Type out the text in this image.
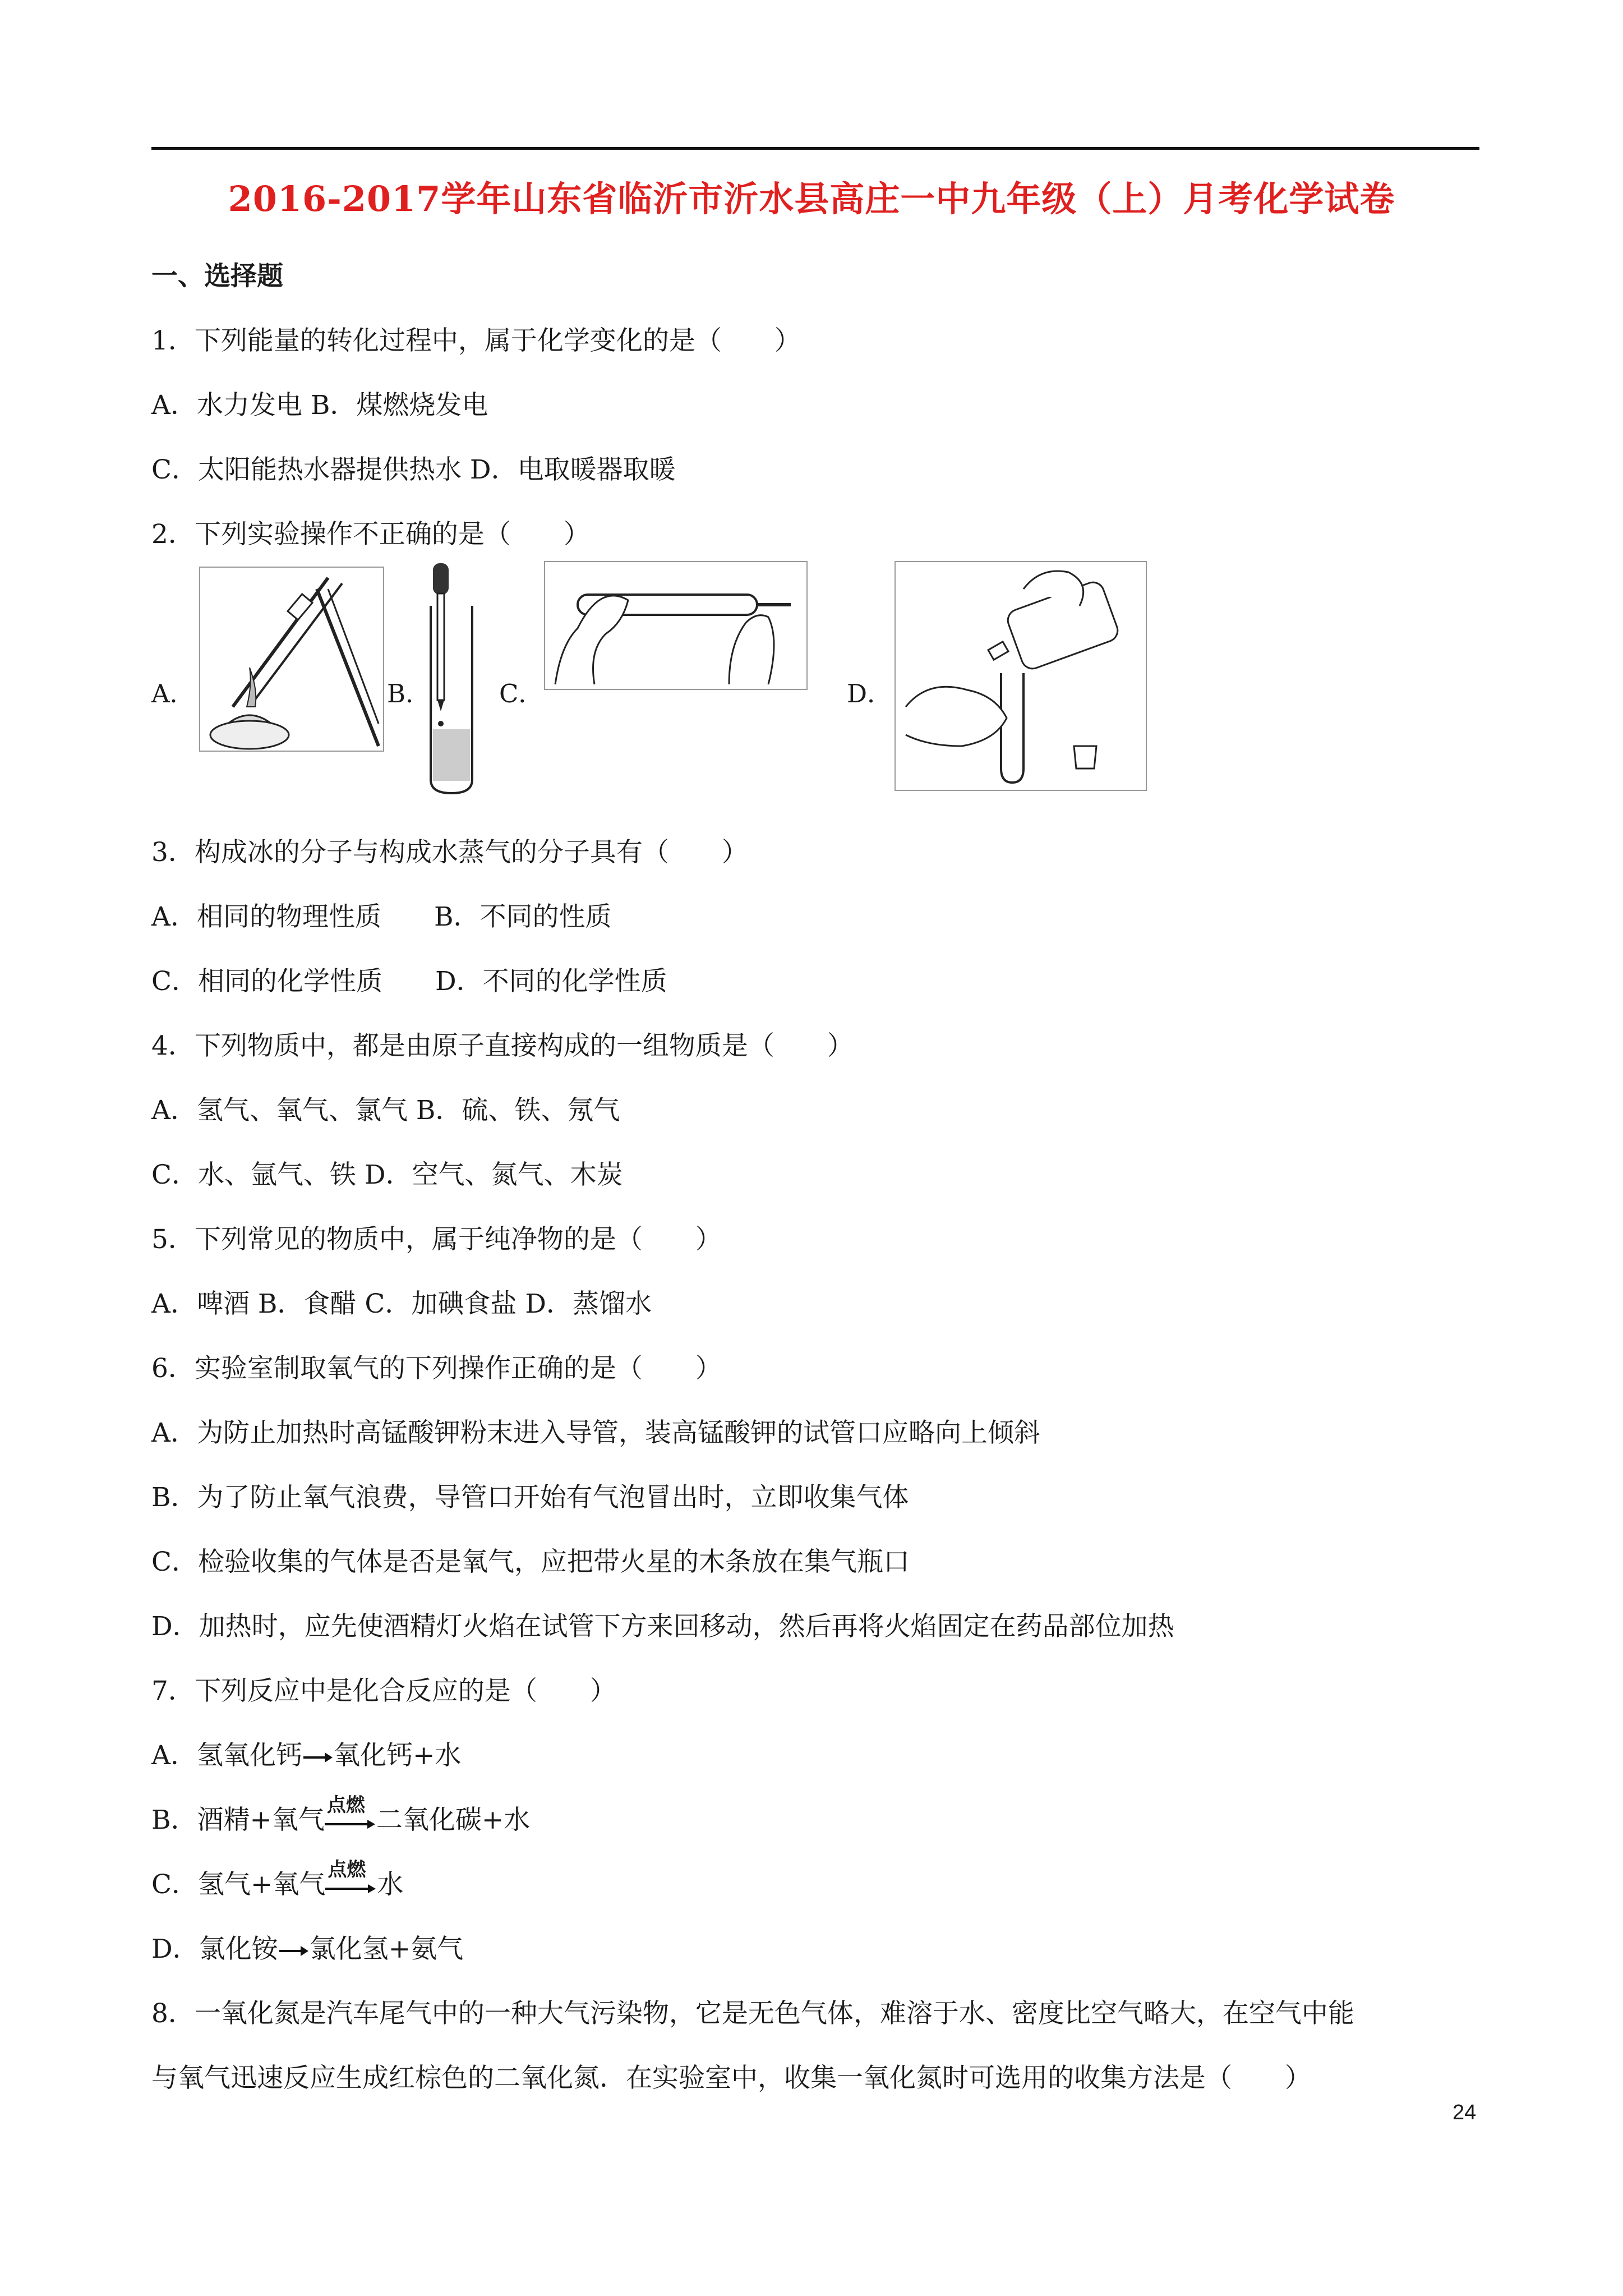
2016-2017学年山东省临沂市沂水县高庄一中九年级（上）月考化学试卷
一、选择题
1．下列能量的转化过程中，属于化学变化的是（　　）
A．水力发电 B．煤燃烧发电
C．太阳能热水器提供热水 D．电取暖器取暖
2．下列实验操作不正确的是（　　）
A．	B．	C．	D．
3．构成冰的分子与构成水蒸气的分子具有（　　）
A．相同的物理性质　　B．不同的性质
C．相同的化学性质　　D．不同的化学性质
4．下列物质中，都是由原子直接构成的一组物质是（　　）
A．氢气、氧气、氯气 B．硫、铁、氖气
C．水、氩气、铁 D．空气、氮气、木炭
5．下列常见的物质中，属于纯净物的是（　　）
A．啤酒 B．食醋 C．加碘食盐 D．蒸馏水
6．实验室制取氧气的下列操作正确的是（　　）
A．为防止加热时高锰酸钾粉末进入导管，装高锰酸钾的试管口应略向上倾斜
B．为了防止氧气浪费，导管口开始有气泡冒出时，立即收集气体
C．检验收集的气体是否是氧气，应把带火星的木条放在集气瓶口
D．加热时，应先使酒精灯火焰在试管下方来回移动，然后再将火焰固定在药品部位加热
7．下列反应中是化合反应的是（　　）
A．氢氧化钙→氧化钙+水
B．酒精+氧气 点燃 二氧化碳+水
C．氢气+氧气 点燃 水
D．氯化铵→氯化氢+氨气
8．一氧化氮是汽车尾气中的一种大气污染物，它是无色气体，难溶于水、密度比空气略大，在空气中能
与氧气迅速反应生成红棕色的二氧化氮．在实验室中，收集一氧化氮时可选用的收集方法是（　　）
24
